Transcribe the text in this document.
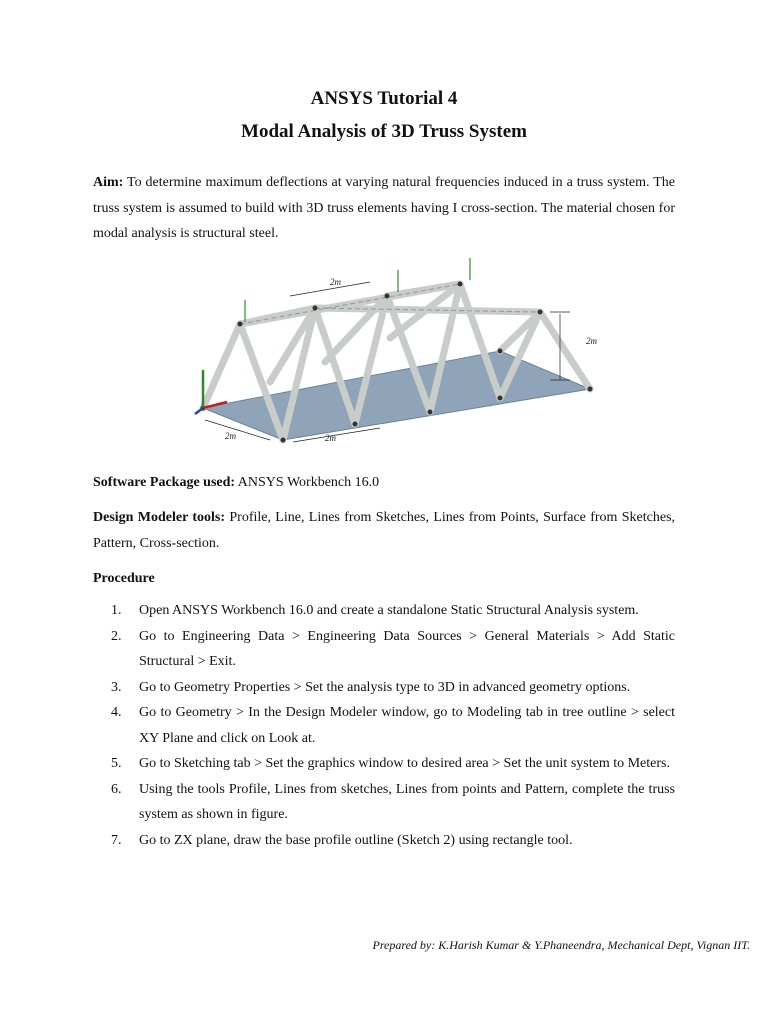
ANSYS Tutorial 4
Modal Analysis of 3D Truss System
Aim: To determine maximum deflections at varying natural frequencies induced in a truss system. The truss system is assumed to build with 3D truss elements having I cross-section. The material chosen for modal analysis is structural steel.
2m
2m
2m	2m
Software Package used: ANSYS Workbench 16.0
Design Modeler tools: Profile, Line, Lines from Sketches, Lines from Points, Surface from Sketches, Pattern, Cross-section.
Procedure
1. Open ANSYS Workbench 16.0 and create a standalone Static Structural Analysis system.
2. Go to Engineering Data > Engineering Data Sources > General Materials > Add Static Structural > Exit.
3. Go to Geometry Properties > Set the analysis type to 3D in advanced geometry options.
4. Go to Geometry > In the Design Modeler window, go to Modeling tab in tree outline > select XY Plane and click on Look at.
5. Go to Sketching tab > Set the graphics window to desired area > Set the unit system to Meters.
6. Using the tools Profile, Lines from sketches, Lines from points and Pattern, complete the truss system as shown in figure.
7. Go to ZX plane, draw the base profile outline (Sketch 2) using rectangle tool.
Prepared by: K.Harish Kumar & Y.Phaneendra, Mechanical Dept, Vignan IIT.
